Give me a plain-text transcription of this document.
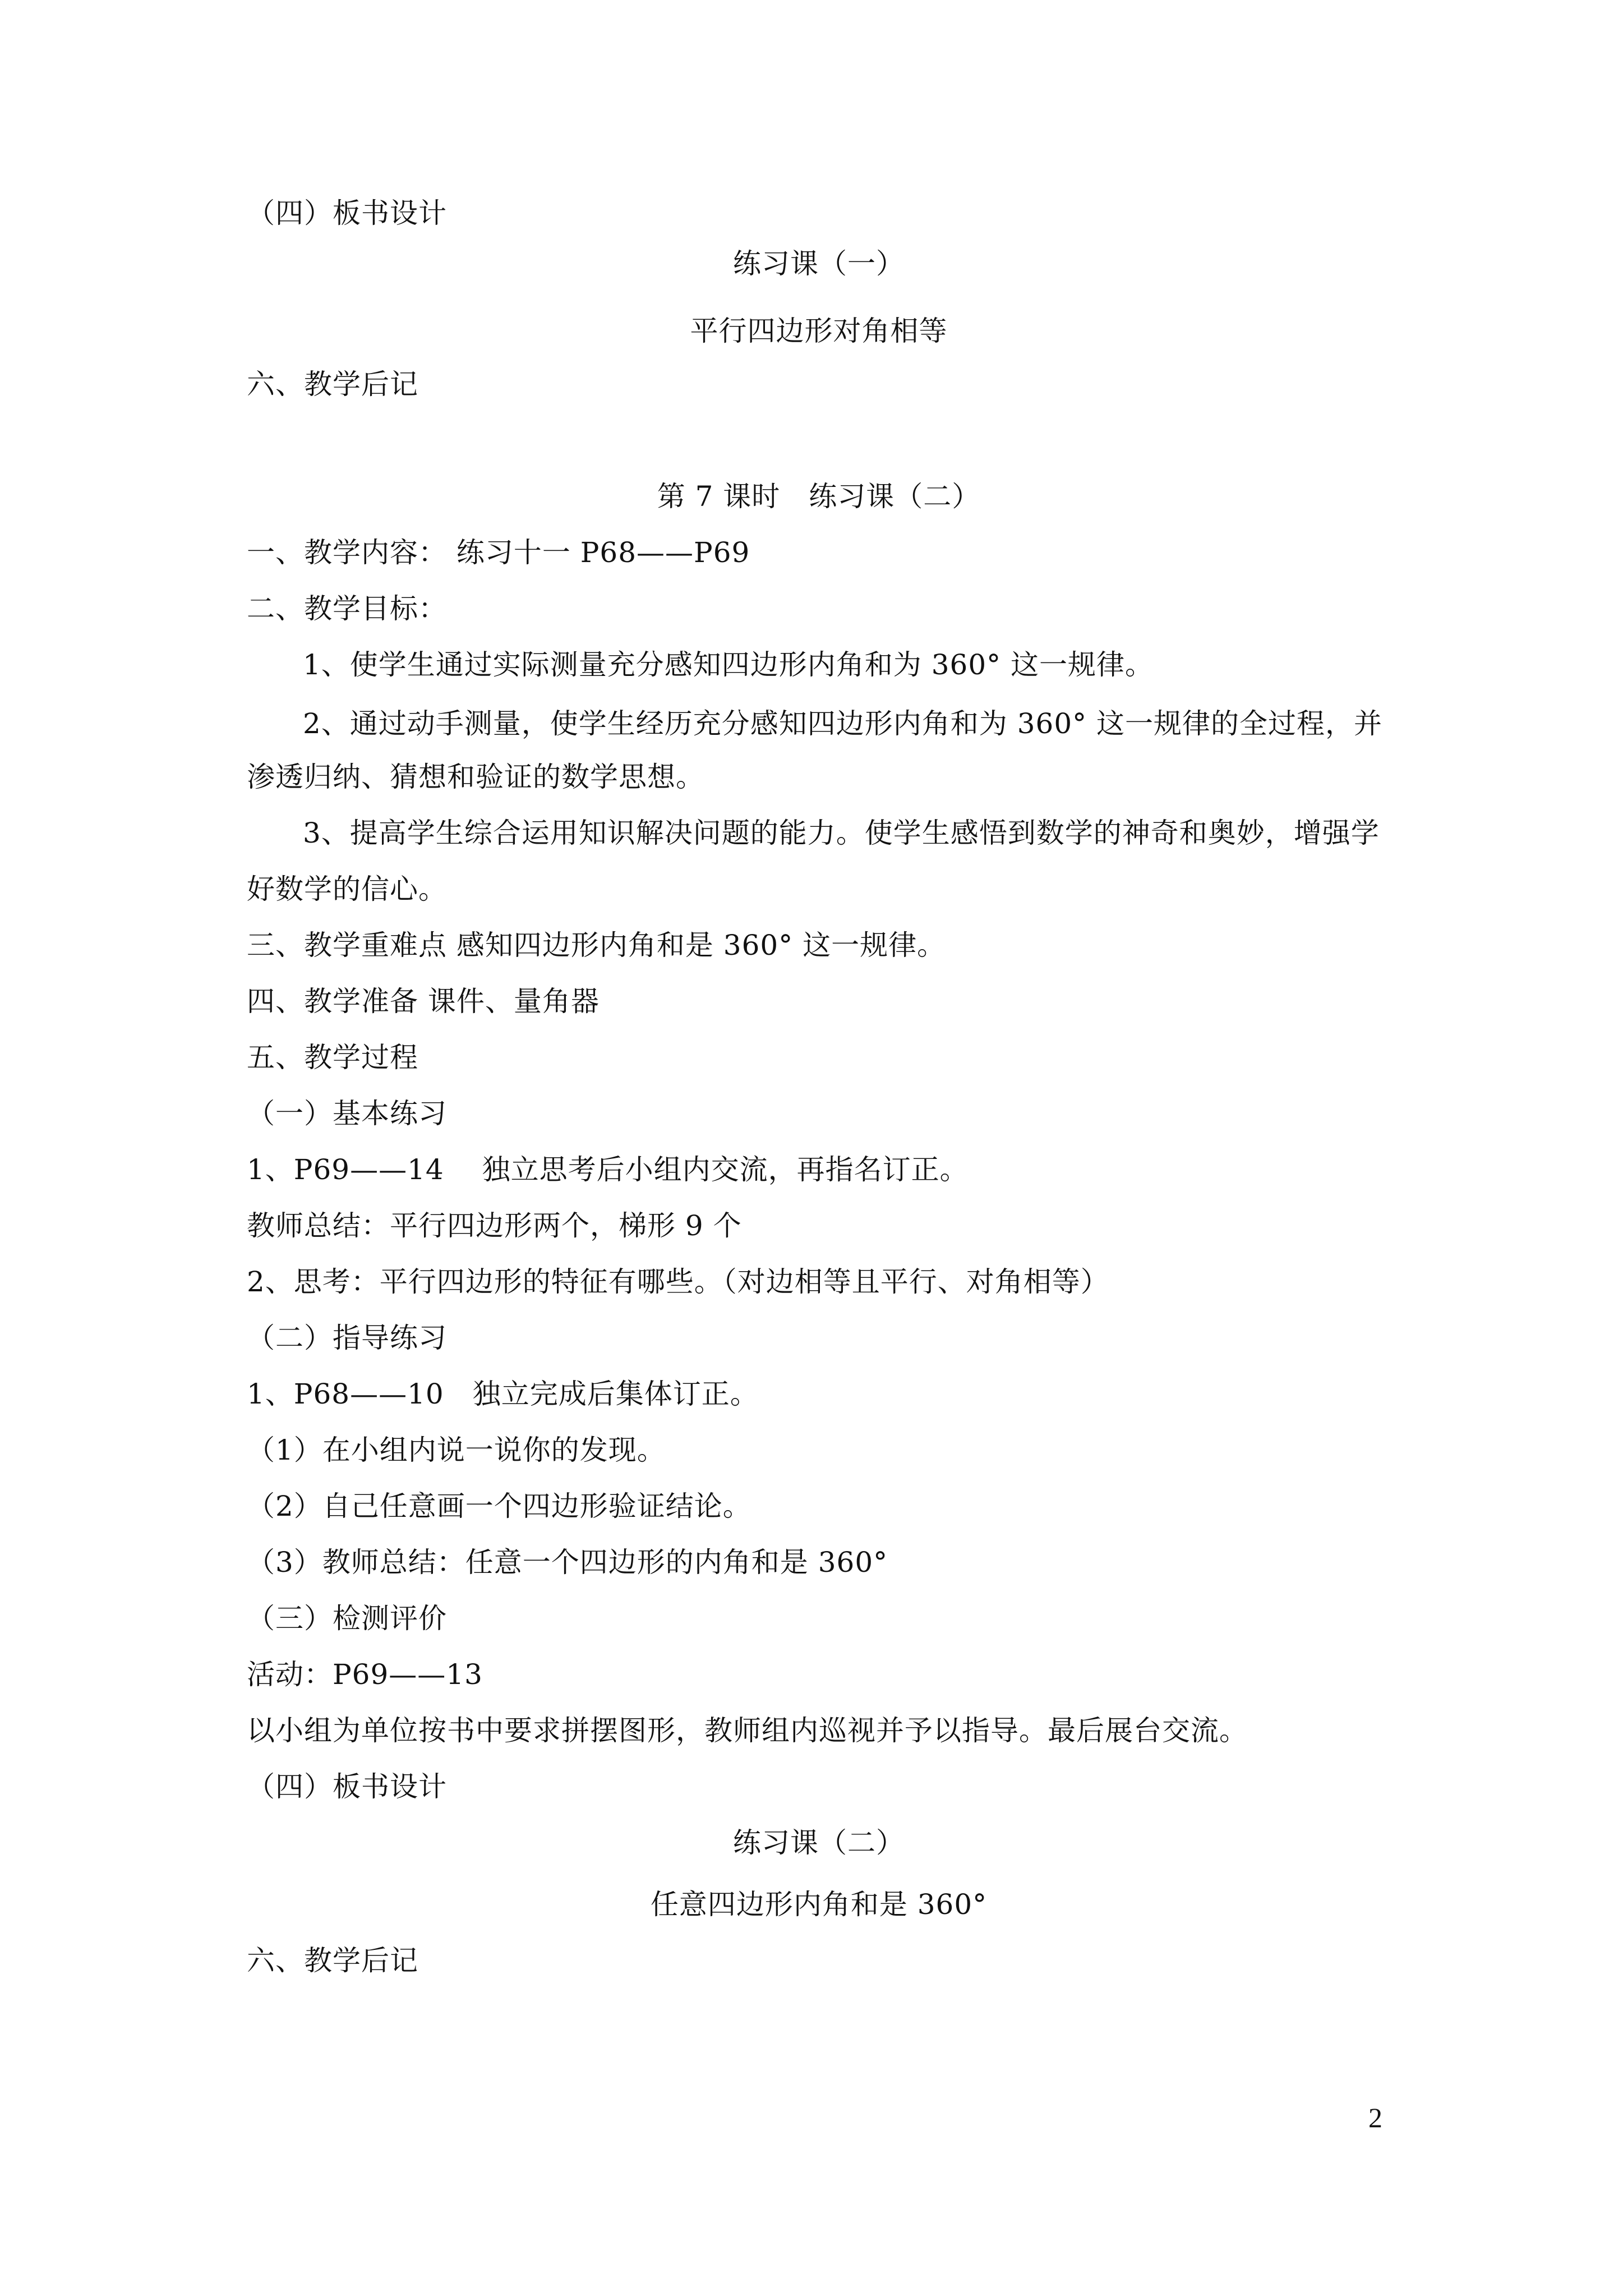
（四）板书设计
练习课（一）
平行四边形对角相等
六、教学后记
第 7 课时　练习课（二）
一、教学内容： 练习十一 P68——P69
二、教学目标：
1、使学生通过实际测量充分感知四边形内角和为 360° 这一规律。
2、通过动手测量，使学生经历充分感知四边形内角和为 360° 这一规律的全过程，并
渗透归纳、猜想和验证的数学思想。
3、提高学生综合运用知识解决问题的能力。使学生感悟到数学的神奇和奥妙，增强学
好数学的信心。
三、教学重难点 感知四边形内角和是 360° 这一规律。
四、教学准备 课件、量角器
五、教学过程
（一）基本练习
1、P69——14　 独立思考后小组内交流，再指名订正。
教师总结：平行四边形两个，梯形 9 个
2、思考：平行四边形的特征有哪些。（对边相等且平行、对角相等）
（二）指导练习
1、P68——10　独立完成后集体订正。
（1）在小组内说一说你的发现。
（2）自己任意画一个四边形验证结论。
（3）教师总结：任意一个四边形的内角和是 360°
（三）检测评价
活动：P69——13
以小组为单位按书中要求拼摆图形，教师组内巡视并予以指导。最后展台交流。
（四）板书设计
练习课（二）
任意四边形内角和是 360°
六、教学后记
2
